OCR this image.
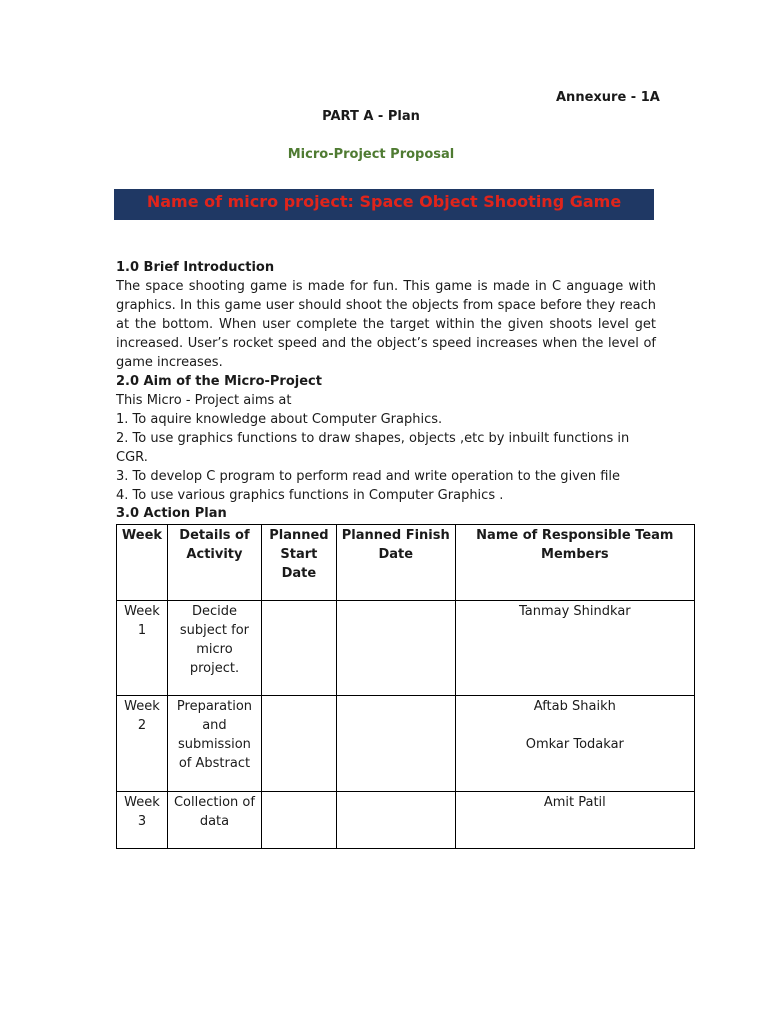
Annexure - 1A
PART A - Plan
Micro-Project Proposal
Name of micro project: Space Object Shooting Game
1.0 Brief Introduction
The space shooting game is made for fun. This game is made in C anguage with graphics. In this game user should shoot the objects from space before they reach at the bottom. When user complete the target within the given shoots level get increased. User’s rocket speed and the object’s speed increases when the level of game increases.
2.0 Aim of the Micro-Project
This Micro - Project aims at
1. To aquire knowledge about Computer Graphics.
2. To use graphics functions to draw shapes, objects ,etc by inbuilt functions in CGR.
3. To develop C program to perform read and write operation to the given file
4. To use various graphics functions in Computer Graphics .
3.0 Action Plan
Week	Details of Activity	Planned Start Date	Planned Finish Date	Name of Responsible Team Members
Week 1	Decide subject for micro project.			Tanmay Shindkar

Week 2	Preparation and submission of Abstract			Aftab Shaikh
Omkar Todakar

Week 3	Collection of data			Amit Patil
